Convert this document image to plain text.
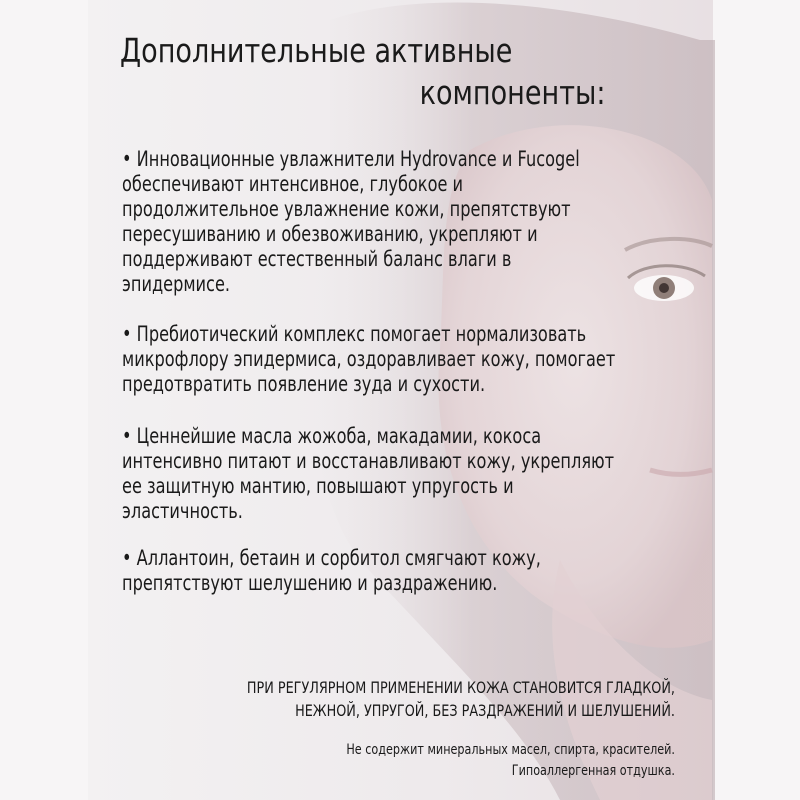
Дополнительные активные
компоненты:
• Инновационные увлажнители Hydrovance и Fucogel
обеспечивают интенсивное, глубокое и
продолжительное увлажнение кожи, препятствуют
пересушиванию и обезвоживанию, укрепляют и
поддерживают естественный баланс влаги в
эпидермисе.
• Пребиотический комплекс помогает нормализовать
микрофлору эпидермиса, оздоравливает кожу, помогает
предотвратить появление зуда и сухости.
• Ценнейшие масла жожоба, макадамии, кокоса
интенсивно питают и восстанавливают кожу, укрепляют
ее защитную мантию, повышают упругость и
эластичность.
• Аллантоин, бетаин и сорбитол смягчают кожу,
препятствуют шелушению и раздражению.
ПРИ РЕГУЛЯРНОМ ПРИМЕНЕНИИ КОЖА СТАНОВИТСЯ ГЛАДКОЙ,
НЕЖНОЙ, УПРУГОЙ, БЕЗ РАЗДРАЖЕНИЙ И ШЕЛУШЕНИЙ.
Не содержит минеральных масел, спирта, красителей.
Гипоаллергенная отдушка.
